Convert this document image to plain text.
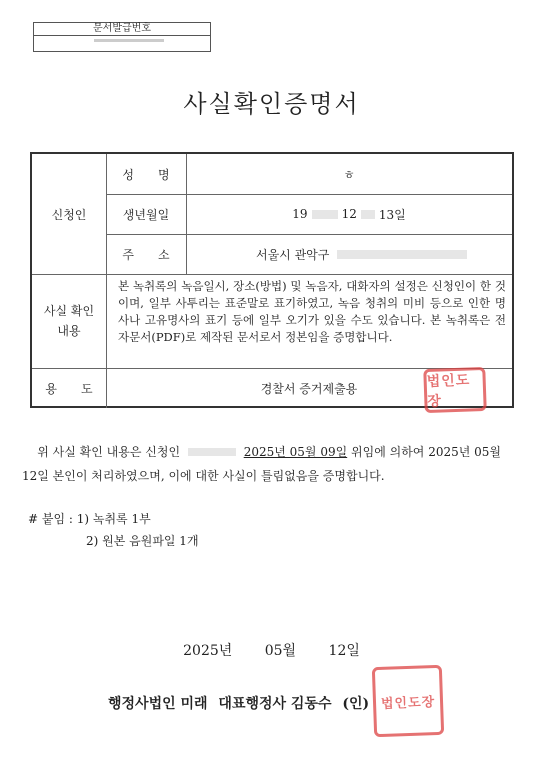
문서발급번호
사실확인증명서
신청인
성　　명	ㅎ
생년월일	19	12 13일
주　　소	서울시 관악구
사실 확인 내용
본 녹취록의 녹음일시, 장소(방법) 및 녹음자, 대화자의 설정은 신청인이 한 것이며, 일부 사투리는 표준말로 표기하였고, 녹음 청취의 미비 등으로 인한 명사나 고유명사의 표기 등에 일부 오기가 있을 수도 있습니다. 본 녹취록은 전자문서(PDF)로 제작된 문서로서 정본임을 증명합니다.
용　　도	경찰서 증거제출용	법인도장
위 사실 확인 내용은 신청인	2025년 05월 09일 위임에 의하여 2025년 05월 12일 본인이 처리하였으며, 이에 대한 사실이 틀림없음을 증명합니다.
# 붙임 : 1) 녹취록 1부
2) 원본 음원파일 1개
2025년 05월 12일
행정사법인 미래 대표행정사 김동수 (인) 법인도장
